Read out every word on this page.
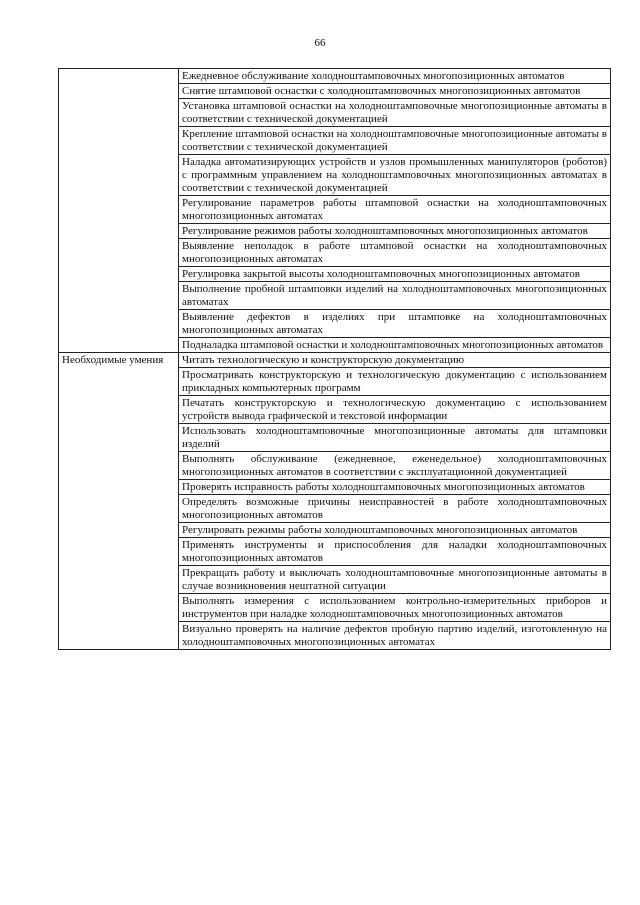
66
	Ежедневное обслуживание холодноштамповочных многопозиционных автоматов
	Снятие штамповой оснастки с холодноштамповочных многопозиционных автоматов
	Установка штамповой оснастки на холодноштамповочные многопозиционные автоматы в соответствии с технической документацией
	Крепление штамповой оснастки на холодноштамповочные многопозиционные автоматы в соответствии с технической документацией
	Наладка автоматизирующих устройств и узлов промышленных манипуляторов (роботов) с программным управлением на холодноштамповочных многопозиционных автоматах в соответствии с технической документацией
	Регулирование параметров работы штамповой оснастки на холодноштамповочных многопозиционных автоматах
	Регулирование режимов работы холодноштамповочных многопозиционных автоматов
	Выявление неполадок в работе штамповой оснастки на холодноштамповочных многопозиционных автоматах
	Регулировка закрытой высоты холодноштамповочных многопозиционных автоматов
	Выполнение пробной штамповки изделий на холодноштамповочных многопозиционных автоматах
	Выявление дефектов в изделиях при штамповке на холодноштамповочных многопозиционных автоматах
	Подналадка штамповой оснастки и холодноштамповочных многопозиционных автоматов
Необходимые умения	Читать технологическую и конструкторскую документацию
	Просматривать конструкторскую и технологическую документацию с использованием прикладных компьютерных программ
	Печатать конструкторскую и технологическую документацию с использованием устройств вывода графической и текстовой информации
	Использовать холодноштамповочные многопозиционные автоматы для штамповки изделий
	Выполнять обслуживание (ежедневное, еженедельное) холодноштамповочных многопозиционных автоматов в соответствии с эксплуатационной документацией
	Проверять исправность работы холодноштамповочных многопозиционных автоматов
	Определять возможные причины неисправностей в работе холодноштамповочных многопозиционных автоматов
	Регулировать режимы работы холодноштамповочных многопозиционных автоматов
	Применять инструменты и приспособления для наладки холодноштамповочных многопозиционных автоматов
	Прекращать работу и выключать холодноштамповочные многопозиционные автоматы в случае возникновения нештатной ситуации
	Выполнять измерения с использованием контрольно-измерительных приборов и инструментов при наладке холодноштамповочных многопозиционных автоматов
	Визуально проверять на наличие дефектов пробную партию изделий, изготовленную на холодноштамповочных многопозиционных автоматах
